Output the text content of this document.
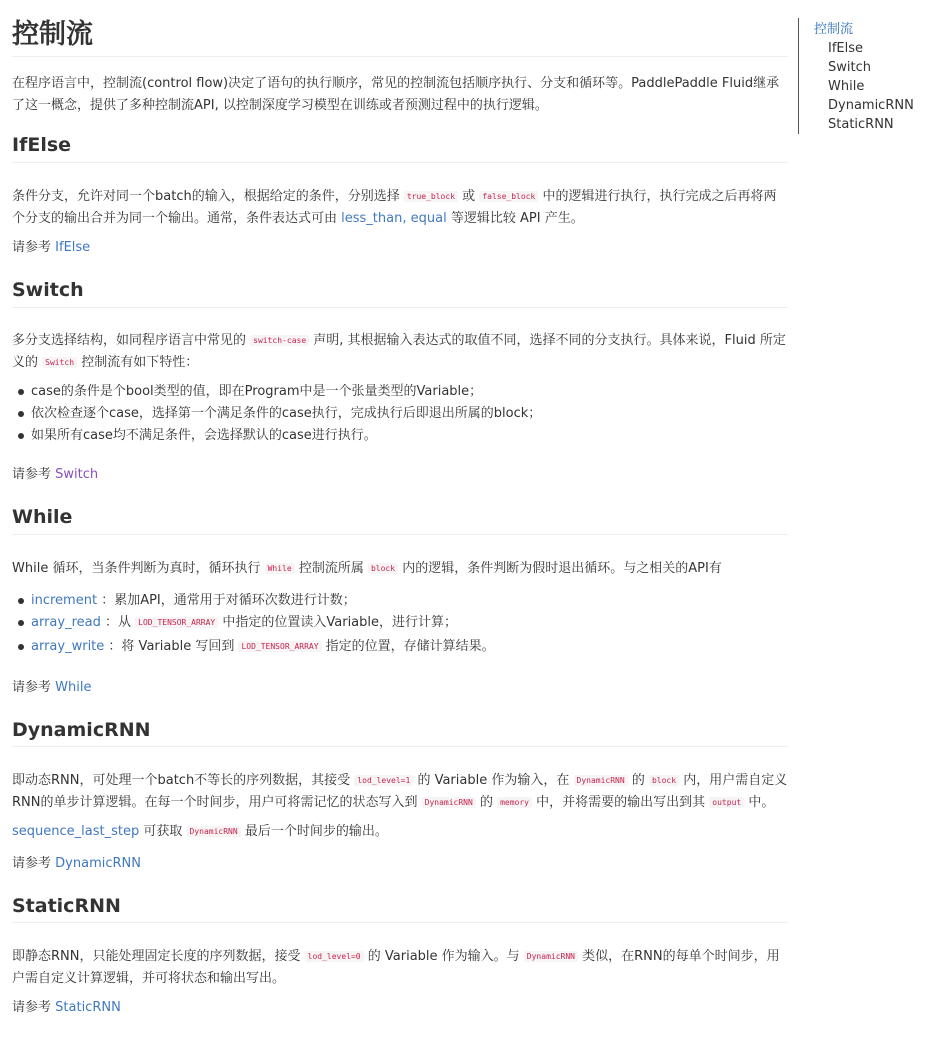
控制流

在程序语言中，控制流(control flow)决定了语句的执行顺序，常见的控制流包括顺序执行、分支和循环等。PaddlePaddle Fluid继承了这一概念，提供了多种控制流API, 以控制深度学习模型在训练或者预测过程中的执行逻辑。

IfElse

条件分支，允许对同一个batch的输入，根据给定的条件，分别选择 true_block 或 false_block 中的逻辑进行执行，执行完成之后再将两个分支的输出合并为同一个输出。通常，条件表达式可由 less_than, equal 等逻辑比较 API 产生。

请参考 IfElse

Switch

多分支选择结构，如同程序语言中常见的 switch-case 声明, 其根据输入表达式的取值不同，选择不同的分支执行。具体来说，Fluid 所定义的 Switch 控制流有如下特性：

case的条件是个bool类型的值，即在Program中是一个张量类型的Variable；
依次检查逐个case，选择第一个满足条件的case执行，完成执行后即退出所属的block；
如果所有case均不满足条件，会选择默认的case进行执行。

请参考 Switch

While

While 循环，当条件判断为真时，循环执行 While 控制流所属 block 内的逻辑，条件判断为假时退出循环。与之相关的API有

increment ：累加API，通常用于对循环次数进行计数；
array_read ：从 LOD_TENSOR_ARRAY 中指定的位置读入Variable，进行计算；
array_write ：将 Variable 写回到 LOD_TENSOR_ARRAY 指定的位置，存储计算结果。

请参考 While

DynamicRNN

即动态RNN，可处理一个batch不等长的序列数据，其接受 lod_level=1 的 Variable 作为输入，在 DynamicRNN 的 block 内，用户需自定义RNN的单步计算逻辑。在每一个时间步，用户可将需记忆的状态写入到 DynamicRNN 的 memory 中，并将需要的输出写出到其 output 中。

sequence_last_step 可获取 DynamicRNN 最后一个时间步的输出。

请参考 DynamicRNN

StaticRNN

即静态RNN，只能处理固定长度的序列数据，接受 lod_level=0 的 Variable 作为输入。与 DynamicRNN 类似，在RNN的每单个时间步，用户需自定义计算逻辑，并可将状态和输出写出。

请参考 StaticRNN

控制流
IfElse
Switch
While
DynamicRNN
StaticRNN
